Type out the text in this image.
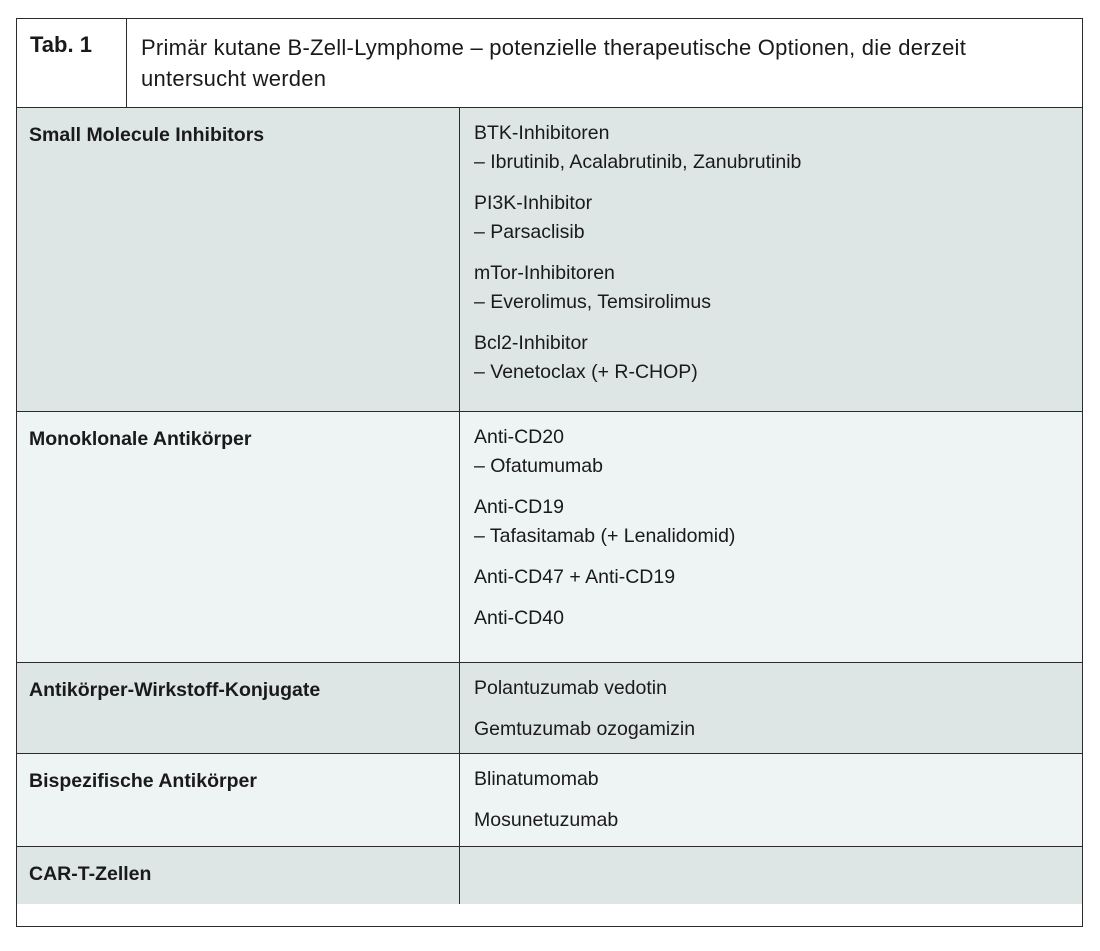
Tab. 1	Primär kutane B-Zell-Lymphome – potenzielle therapeutische Optionen, die derzeit untersucht werden
Small Molecule Inhibitors	BTK-Inhibitoren
– Ibrutinib, Acalabrutinib, Zanubrutinib
PI3K-Inhibitor
– Parsaclisib
mTor-Inhibitoren
– Everolimus, Temsirolimus
Bcl2-Inhibitor
– Venetoclax (+ R-CHOP)
Monoklonale Antikörper	Anti-CD20
– Ofatumumab
Anti-CD19
– Tafasitamab (+ Lenalidomid)
Anti-CD47 + Anti-CD19
Anti-CD40
Antikörper-Wirkstoff-Konjugate	Polantuzumab vedotin
Gemtuzumab ozogamizin
Bispezifische Antikörper	Blinatumomab
Mosunetuzumab
CAR-T-Zellen
